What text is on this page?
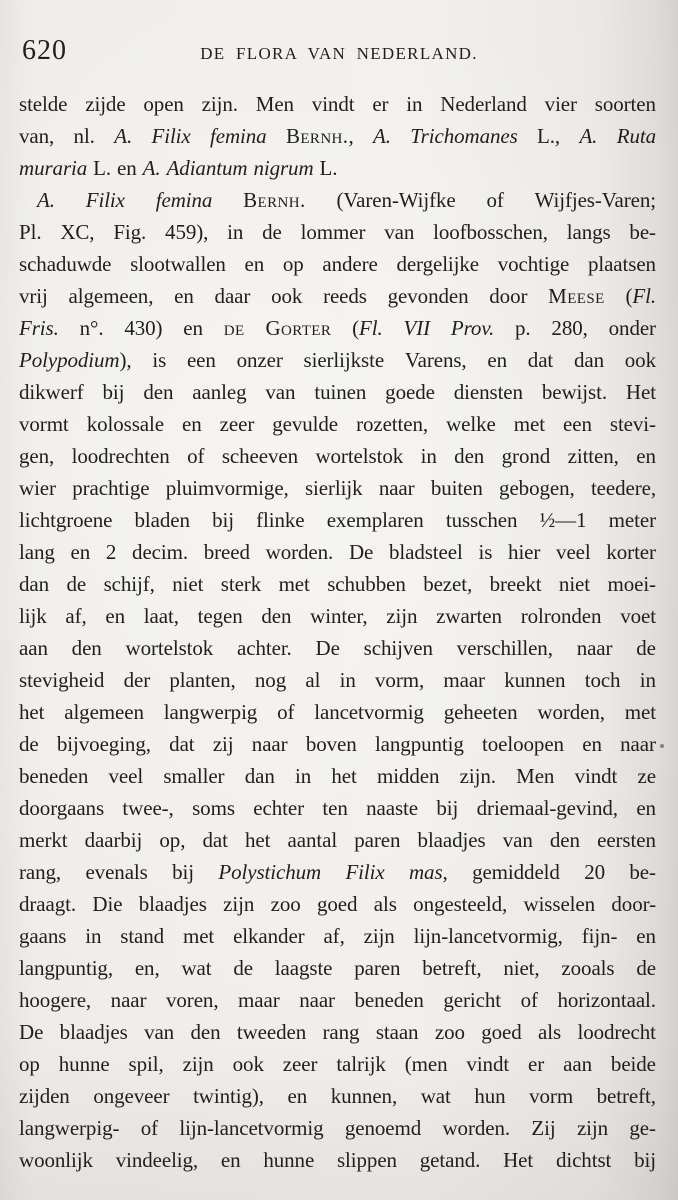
620	DE FLORA VAN NEDERLAND.
stelde zijde open zijn. Men vindt er in Nederland vier soorten
van, nl. A. Filix femina Bernh., A. Trichomanes L., A. Ruta
muraria L. en A. Adiantum nigrum L.
A. Filix femina Bernh. (Varen-Wijfke of Wijfjes-Varen;
Pl. XC, Fig. 459), in de lommer van loofbosschen, langs be-
schaduwde slootwallen en op andere dergelijke vochtige plaatsen
vrij algemeen, en daar ook reeds gevonden door Meese (Fl.
Fris. n°. 430) en de Gorter (Fl. VII Prov. p. 280, onder
Polypodium), is een onzer sierlijkste Varens, en dat dan ook
dikwerf bij den aanleg van tuinen goede diensten bewijst. Het
vormt kolossale en zeer gevulde rozetten, welke met een stevi-
gen, loodrechten of scheeven wortelstok in den grond zitten, en
wier prachtige pluimvormige, sierlijk naar buiten gebogen, teedere,
lichtgroene bladen bij flinke exemplaren tusschen ½—1 meter
lang en 2 decim. breed worden. De bladsteel is hier veel korter
dan de schijf, niet sterk met schubben bezet, breekt niet moei-
lijk af, en laat, tegen den winter, zijn zwarten rolronden voet
aan den wortelstok achter. De schijven verschillen, naar de
stevigheid der planten, nog al in vorm, maar kunnen toch in
het algemeen langwerpig of lancetvormig geheeten worden, met
de bijvoeging, dat zij naar boven langpuntig toeloopen en naar
beneden veel smaller dan in het midden zijn. Men vindt ze
doorgaans twee-, soms echter ten naaste bij driemaal-gevind, en
merkt daarbij op, dat het aantal paren blaadjes van den eersten
rang, evenals bij Polystichum Filix mas, gemiddeld 20 be-
draagt. Die blaadjes zijn zoo goed als ongesteeld, wisselen door-
gaans in stand met elkander af, zijn lijn-lancetvormig, fijn- en
langpuntig, en, wat de laagste paren betreft, niet, zooals de
hoogere, naar voren, maar naar beneden gericht of horizontaal.
De blaadjes van den tweeden rang staan zoo goed als loodrecht
op hunne spil, zijn ook zeer talrijk (men vindt er aan beide
zijden ongeveer twintig), en kunnen, wat hun vorm betreft,
langwerpig- of lijn-lancetvormig genoemd worden. Zij zijn ge-
woonlijk vindeelig, en hunne slippen getand. Het dichtst bij
